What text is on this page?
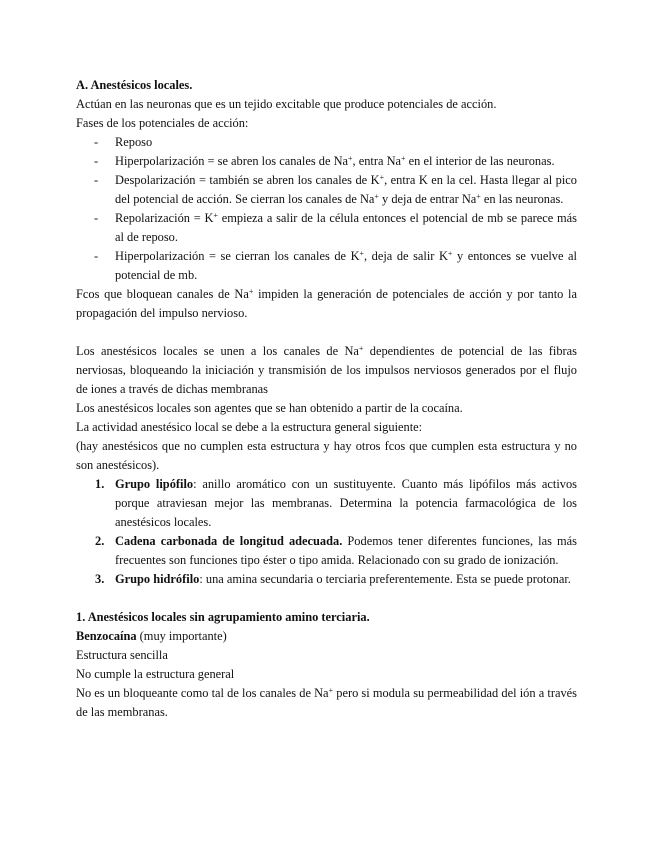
A. Anestésicos locales.

Actúan en las neuronas que es un tejido excitable que produce potenciales de acción.

Fases de los potenciales de acción:

- Reposo
- Hiperpolarización = se abren los canales de Na+, entra Na+ en el interior de las neuronas.
- Despolarización = también se abren los canales de K+, entra K en la cel. Hasta llegar al pico del potencial de acción. Se cierran los canales de Na+ y deja de entrar Na+ en las neuronas.
- Repolarización = K+ empieza a salir de la célula entonces el potencial de mb se parece más al de reposo.
- Hiperpolarización = se cierran los canales de K+, deja de salir K+ y entonces se vuelve al potencial de mb.

Fcos que bloquean canales de Na+ impiden la generación de potenciales de acción y por tanto la propagación del impulso nervioso.

Los anestésicos locales se unen a los canales de Na+ dependientes de potencial de las fibras nerviosas, bloqueando la iniciación y transmisión de los impulsos nerviosos generados por el flujo de iones a través de dichas membranas

Los anestésicos locales son agentes que se han obtenido a partir de la cocaína.

La actividad anestésico local se debe a la estructura general siguiente:

(hay anestésicos que no cumplen esta estructura y hay otros fcos que cumplen esta estructura y no son anestésicos).

1. Grupo lipófilo: anillo aromático con un sustituyente. Cuanto más lipófilos más activos porque atraviesan mejor las membranas. Determina la potencia farmacológica de los anestésicos locales.
2. Cadena carbonada de longitud adecuada. Podemos tener diferentes funciones, las más frecuentes son funciones tipo éster o tipo amida. Relacionado con su grado de ionización.
3. Grupo hidrófilo: una amina secundaria o terciaria preferentemente. Esta se puede protonar.

1. Anestésicos locales sin agrupamiento amino terciaria.

Benzocaína (muy importante)

Estructura sencilla

No cumple la estructura general

No es un bloqueante como tal de los canales de Na+ pero si modula su permeabilidad del ión a través de las membranas.
